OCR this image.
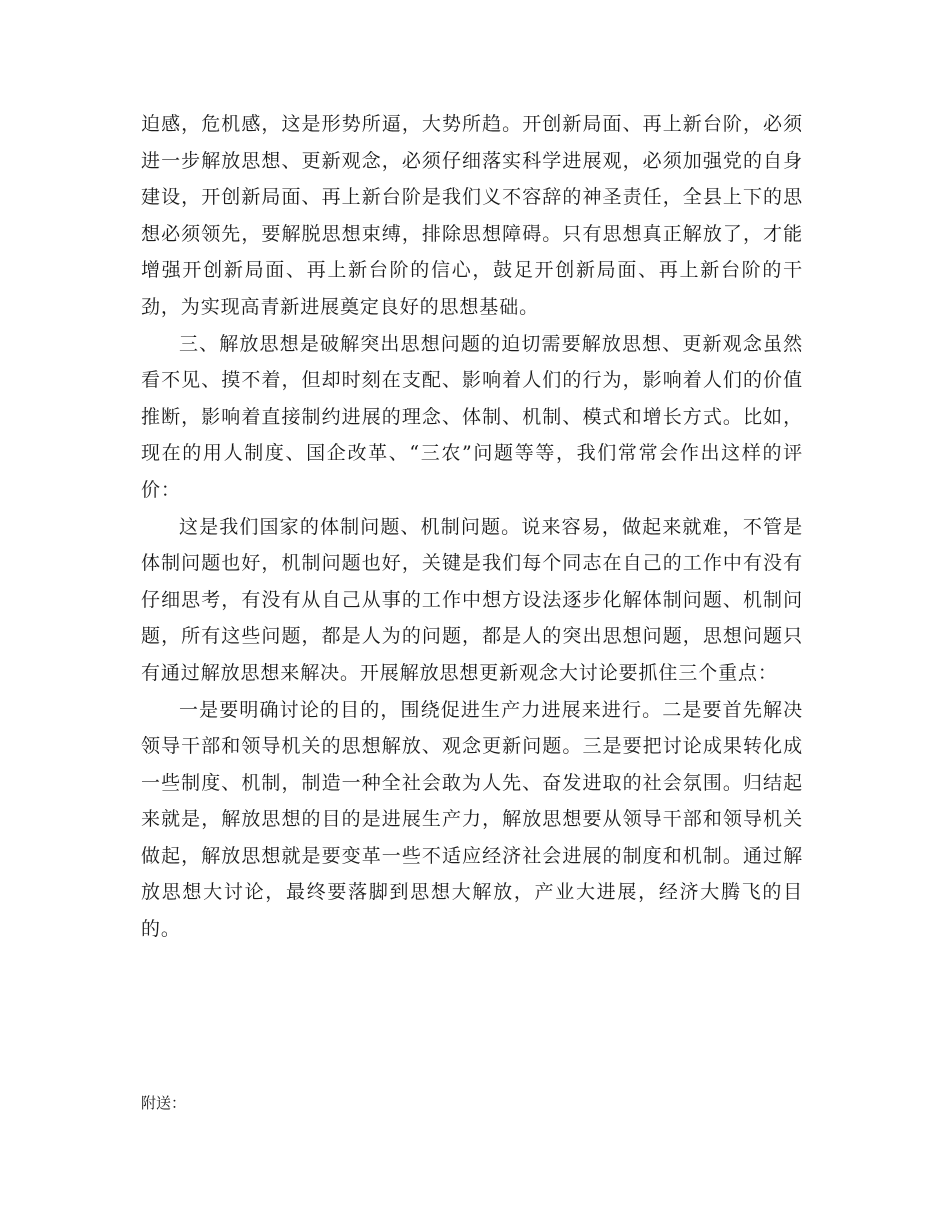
迫感，危机感，这是形势所逼，大势所趋。开创新局面、再上新台阶，必须进一步解放思想、更新观念，必须仔细落实科学进展观，必须加强党的自身建设，开创新局面、再上新台阶是我们义不容辞的神圣责任，全县上下的思想必须领先，要解脱思想束缚，排除思想障碍。只有思想真正解放了，才能增强开创新局面、再上新台阶的信心，鼓足开创新局面、再上新台阶的干劲，为实现高青新进展奠定良好的思想基础。

三、解放思想是破解突出思想问题的迫切需要解放思想、更新观念虽然看不见、摸不着，但却时刻在支配、影响着人们的行为，影响着人们的价值推断，影响着直接制约进展的理念、体制、机制、模式和增长方式。比如，现在的用人制度、国企改革、“三农”问题等等，我们常常会作出这样的评价：

这是我们国家的体制问题、机制问题。说来容易，做起来就难，不管是体制问题也好，机制问题也好，关键是我们每个同志在自己的工作中有没有仔细思考，有没有从自己从事的工作中想方设法逐步化解体制问题、机制问题，所有这些问题，都是人为的问题，都是人的突出思想问题，思想问题只有通过解放思想来解决。开展解放思想更新观念大讨论要抓住三个重点：

一是要明确讨论的目的，围绕促进生产力进展来进行。二是要首先解决领导干部和领导机关的思想解放、观念更新问题。三是要把讨论成果转化成一些制度、机制，制造一种全社会敢为人先、奋发进取的社会氛围。归结起来就是，解放思想的目的是进展生产力，解放思想要从领导干部和领导机关做起，解放思想就是要变革一些不适应经济社会进展的制度和机制。通过解放思想大讨论，最终要落脚到思想大解放，产业大进展，经济大腾飞的目的。

附送：
